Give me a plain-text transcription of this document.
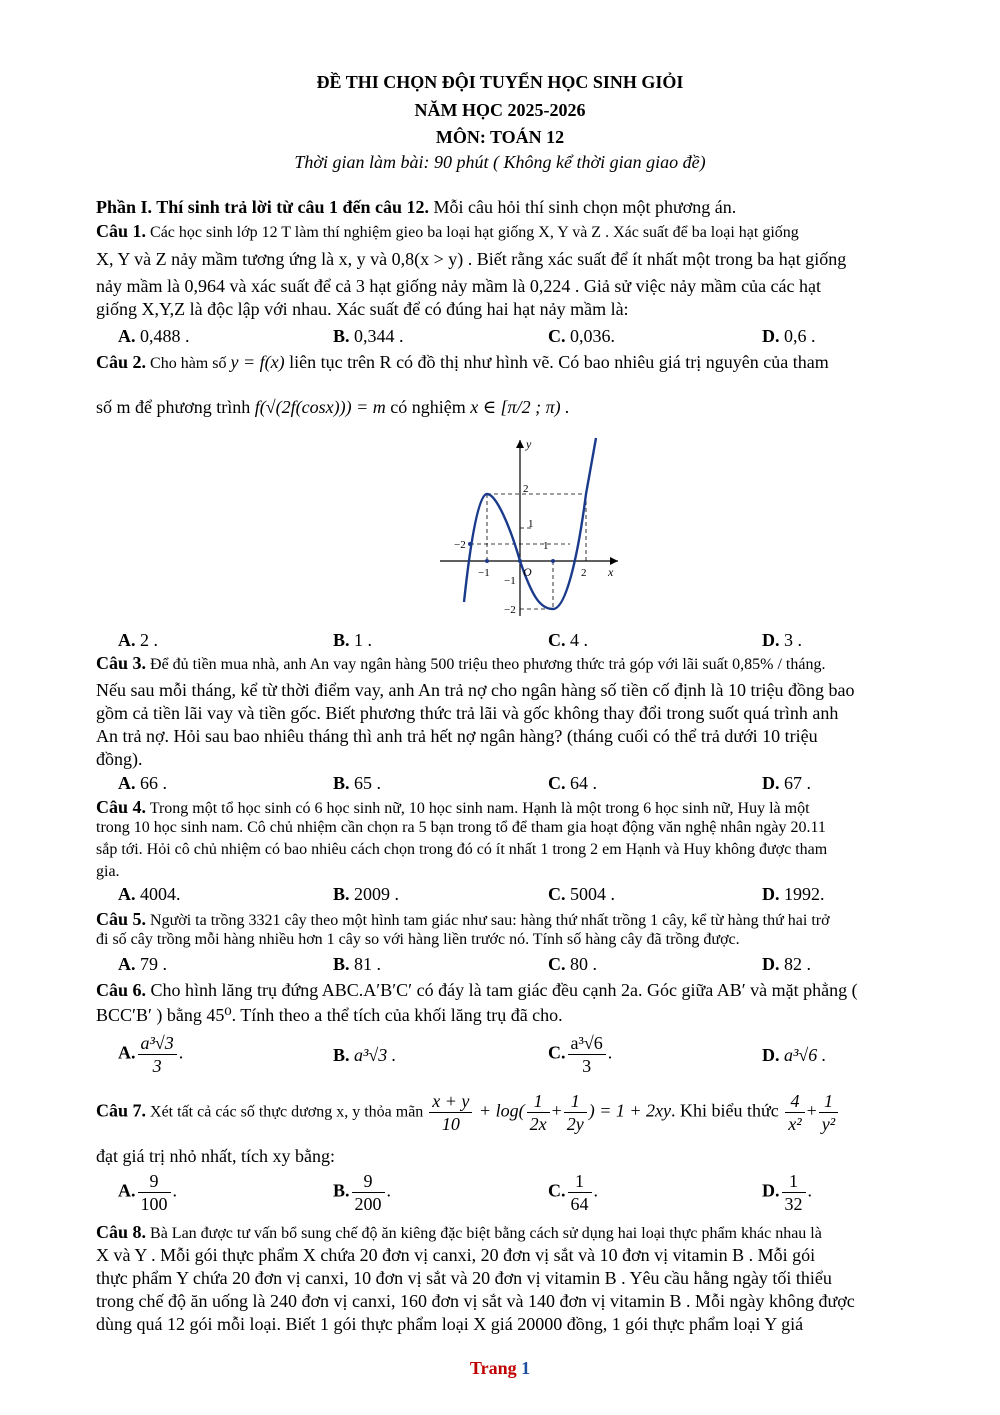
ĐỀ THI CHỌN ĐỘI TUYỂN HỌC SINH GIỎI
NĂM HỌC 2025-2026
MÔN: TOÁN 12
Thời gian làm bài: 90 phút ( Không kể thời gian giao đề)
Phần I. Thí sinh trả lời từ câu 1 đến câu 12. Mỗi câu hỏi thí sinh chọn một phương án.
Câu 1. Các học sinh lớp 12 T làm thí nghiệm gieo ba loại hạt giống X, Y và Z . Xác suất để ba loại hạt giống
X, Y và Z nảy mầm tương ứng là x, y và 0,8(x > y) . Biết rằng xác suất để ít nhất một trong ba hạt giống
nảy mầm là 0,964 và xác suất để cả 3 hạt giống nảy mầm là 0,224 . Giả sử việc nảy mầm của các hạt
giống X,Y,Z là độc lập với nhau. Xác suất để có đúng hai hạt nảy mầm là:
A. 0,488 .	B. 0,344 .	C. 0,036.	D. 0,6 .
Câu 2. Cho hàm số y = f(x) liên tục trên R có đồ thị như hình vẽ. Có bao nhiêu giá trị nguyên của tham
số m để phương trình f(√(2f(cosx))) = m có nghiệm x ∈ [π/2 ; π) .
y
x
O
2
1
−1
−2
−2
−1
1
2
A. 2 .	B. 1 .	C. 4 .	D. 3 .
Câu 3. Để đủ tiền mua nhà, anh An vay ngân hàng 500 triệu theo phương thức trả góp với lãi suất 0,85% / tháng.
Nếu sau mỗi tháng, kể từ thời điểm vay, anh An trả nợ cho ngân hàng số tiền cố định là 10 triệu đồng bao
gồm cả tiền lãi vay và tiền gốc. Biết phương thức trả lãi và gốc không thay đổi trong suốt quá trình anh
An trả nợ. Hỏi sau bao nhiêu tháng thì anh trả hết nợ ngân hàng? (tháng cuối có thể trả dưới 10 triệu
đồng).
A. 66 .	B. 65 .	C. 64 .	D. 67 .
Câu 4. Trong một tổ học sinh có 6 học sinh nữ, 10 học sinh nam. Hạnh là một trong 6 học sinh nữ, Huy là một
trong 10 học sinh nam. Cô chủ nhiệm cần chọn ra 5 bạn trong tổ để tham gia hoạt động văn nghệ nhân ngày 20.11
sắp tới. Hỏi cô chủ nhiệm có bao nhiêu cách chọn trong đó có ít nhất 1 trong 2 em Hạnh và Huy không được tham
gia.
A. 4004.	B. 2009 .	C. 5004 .	D. 1992.
Câu 5. Người ta trồng 3321 cây theo một hình tam giác như sau: hàng thứ nhất trồng 1 cây, kể từ hàng thứ hai trở
đi số cây trồng mỗi hàng nhiều hơn 1 cây so với hàng liền trước nó. Tính số hàng cây đã trồng được.
A. 79 .	B. 81 .	C. 80 .	D. 82 .
Câu 6. Cho hình lăng trụ đứng ABC.A′B′C′ có đáy là tam giác đều cạnh 2a. Góc giữa AB′ và mặt phẳng (
BCC′B′ ) bằng 45⁰. Tính theo a thể tích của khối lăng trụ đã cho.
A. $\frac{\text{a³√3}}{3}$ .	B. a³√3 .	C. $\frac{\text{a³√6}}{3}$ .	D. a³√6 .
Câu 7. Xét tất cả các số thực dương x, y thỏa mãn $\frac{x + y}{10} + \log( \frac{1}{2x} + \frac{1}{2y}$ ) = 1 + 2xy. Khi biểu thức $\frac{4}{\text{x²}} + \frac{1}{\text{y²}}$
đạt giá trị nhỏ nhất, tích xy bằng:
A. $\frac{9}{100}$ .	B. $\frac{9}{200}$ .	C. $\frac{1}{64}$ .	D. $\frac{1}{32}$ .
Câu 8. Bà Lan được tư vấn bổ sung chế độ ăn kiêng đặc biệt bằng cách sử dụng hai loại thực phẩm khác nhau là
X và Y . Mỗi gói thực phẩm X chứa 20 đơn vị canxi, 20 đơn vị sắt và 10 đơn vị vitamin B . Mỗi gói
thực phẩm Y chứa 20 đơn vị canxi, 10 đơn vị sắt và 20 đơn vị vitamin B . Yêu cầu hằng ngày tối thiểu
trong chế độ ăn uống là 240 đơn vị canxi, 160 đơn vị sắt và 140 đơn vị vitamin B . Mỗi ngày không được
dùng quá 12 gói mỗi loại. Biết 1 gói thực phẩm loại X giá 20000 đồng, 1 gói thực phẩm loại Y giá
Trang 1
